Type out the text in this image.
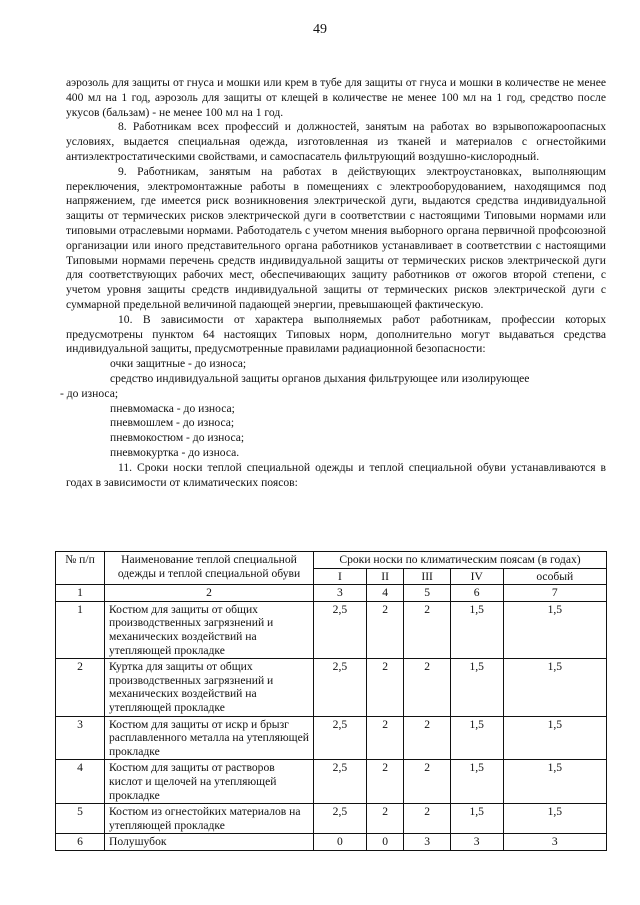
49

аэрозоль для защиты от гнуса и мошки или крем в тубе для защиты от гнуса и мошки в количестве не менее 400 мл на 1 год, аэрозоль для защиты от клещей в количестве не менее 100 мл на 1 год, средство после укусов (бальзам) - не менее 100 мл на 1 год.

8. Работникам всех профессий и должностей, занятым на работах во взрывопожароопасных условиях, выдается специальная одежда, изготовленная из тканей и материалов с огнестойкими антиэлектростатическими свойствами, и самоспасатель фильтрующий воздушно-кислородный.

9. Работникам, занятым на работах в действующих электроустановках, выполняющим переключения, электромонтажные работы в помещениях с электрооборудованием, находящимся под напряжением, где имеется риск возникновения электрической дуги, выдаются средства индивидуальной защиты от термических рисков электрической дуги в соответствии с настоящими Типовыми нормами или типовыми отраслевыми нормами. Работодатель с учетом мнения выборного органа первичной профсоюзной организации или иного представительного органа работников устанавливает в соответствии с настоящими Типовыми нормами перечень средств индивидуальной защиты от термических рисков электрической дуги для соответствующих рабочих мест, обеспечивающих защиту работников от ожогов второй степени, с учетом уровня защиты средств индивидуальной защиты от термических рисков электрической дуги с суммарной предельной величиной падающей энергии, превышающей фактическую.

10. В зависимости от характера выполняемых работ работникам, профессии которых предусмотрены пунктом 64 настоящих Типовых норм, дополнительно могут выдаваться средства индивидуальной защиты, предусмотренные правилами радиационной безопасности:

очки защитные - до износа;

средство индивидуальной защиты органов дыхания фильтрующее или изолирующее

- до износа;

пневмомаска - до износа;

пневмошлем - до износа;

пневмокостюм - до износа;

пневмокуртка - до износа.

11. Сроки носки теплой специальной одежды и теплой специальной обуви устанавливаются в годах в зависимости от климатических поясов:

№ п/п	Наименование теплой специальной одежды и теплой специальной обуви	Сроки носки по климатическим поясам (в годах)				
		I	II	III	IV	особый
1	2	3	4	5	6	7
1	Костюм для защиты от общих производственных загрязнений и механических воздействий на утепляющей прокладке	2,5	2	2	1,5	1,5
2	Куртка для защиты от общих производственных загрязнений и механических воздействий на утепляющей прокладке	2,5	2	2	1,5	1,5
3	Костюм для защиты от искр и брызг расплавленного металла на утепляющей прокладке	2,5	2	2	1,5	1,5
4	Костюм для защиты от растворов кислот и щелочей на утепляющей прокладке	2,5	2	2	1,5	1,5
5	Костюм из огнестойких материалов на утепляющей прокладке	2,5	2	2	1,5	1,5
6	Полушубок	0	0	3	3	3
